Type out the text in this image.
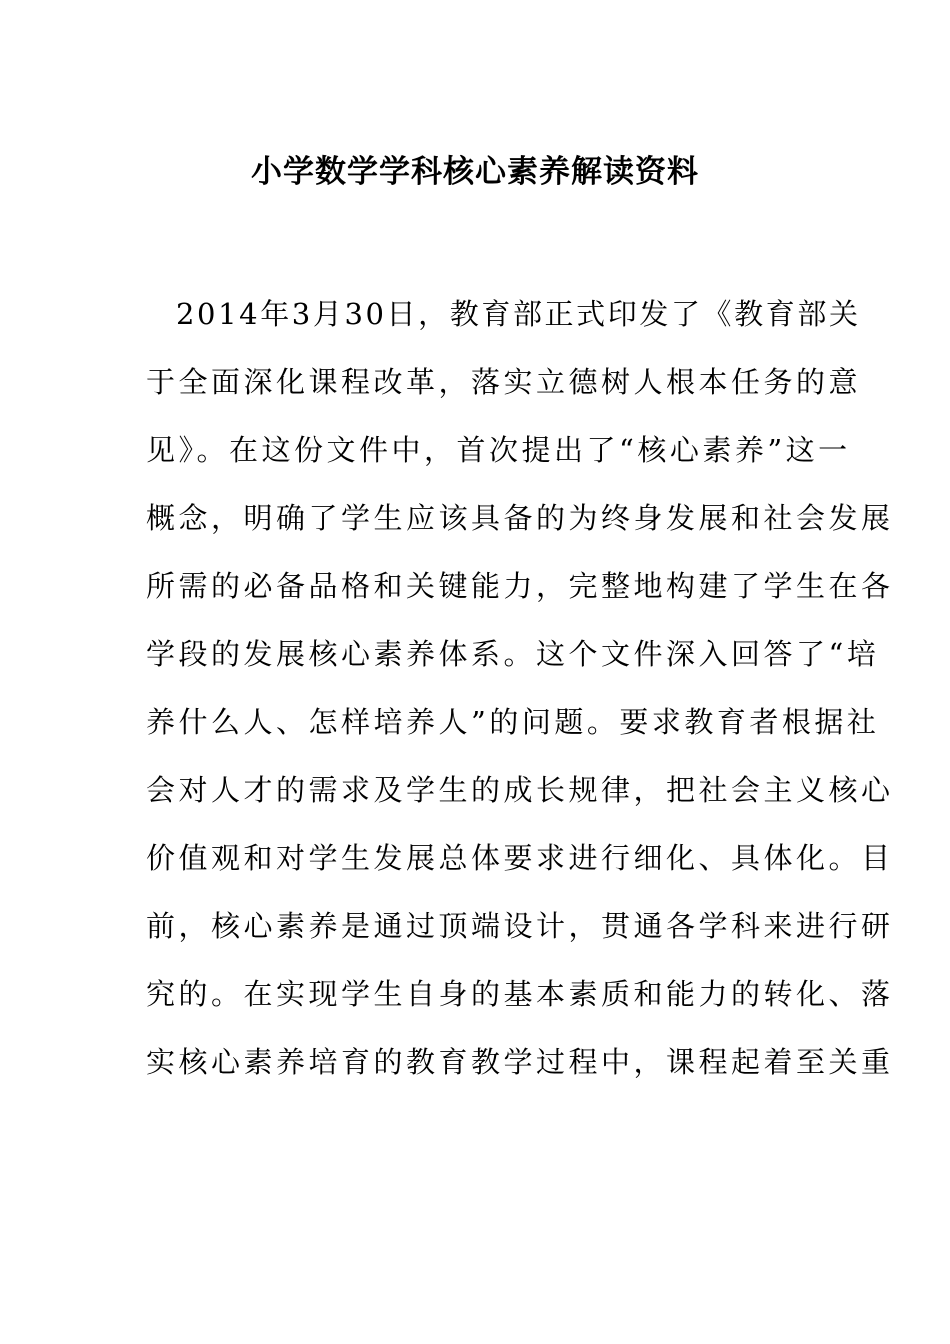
小学数学学科核心素养解读资料
2014年3月30日，教育部正式印发了《教育部关
于全面深化课程改革，落实立德树人根本任务的意
见》。在这份文件中，首次提出了“核心素养”这一
概念，明确了学生应该具备的为终身发展和社会发展
所需的必备品格和关键能力，完整地构建了学生在各
学段的发展核心素养体系。这个文件深入回答了“培
养什么人、怎样培养人”的问题。要求教育者根据社
会对人才的需求及学生的成长规律，把社会主义核心
价值观和对学生发展总体要求进行细化、具体化。目
前，核心素养是通过顶端设计，贯通各学科来进行研
究的。在实现学生自身的基本素质和能力的转化、落
实核心素养培育的教育教学过程中，课程起着至关重
